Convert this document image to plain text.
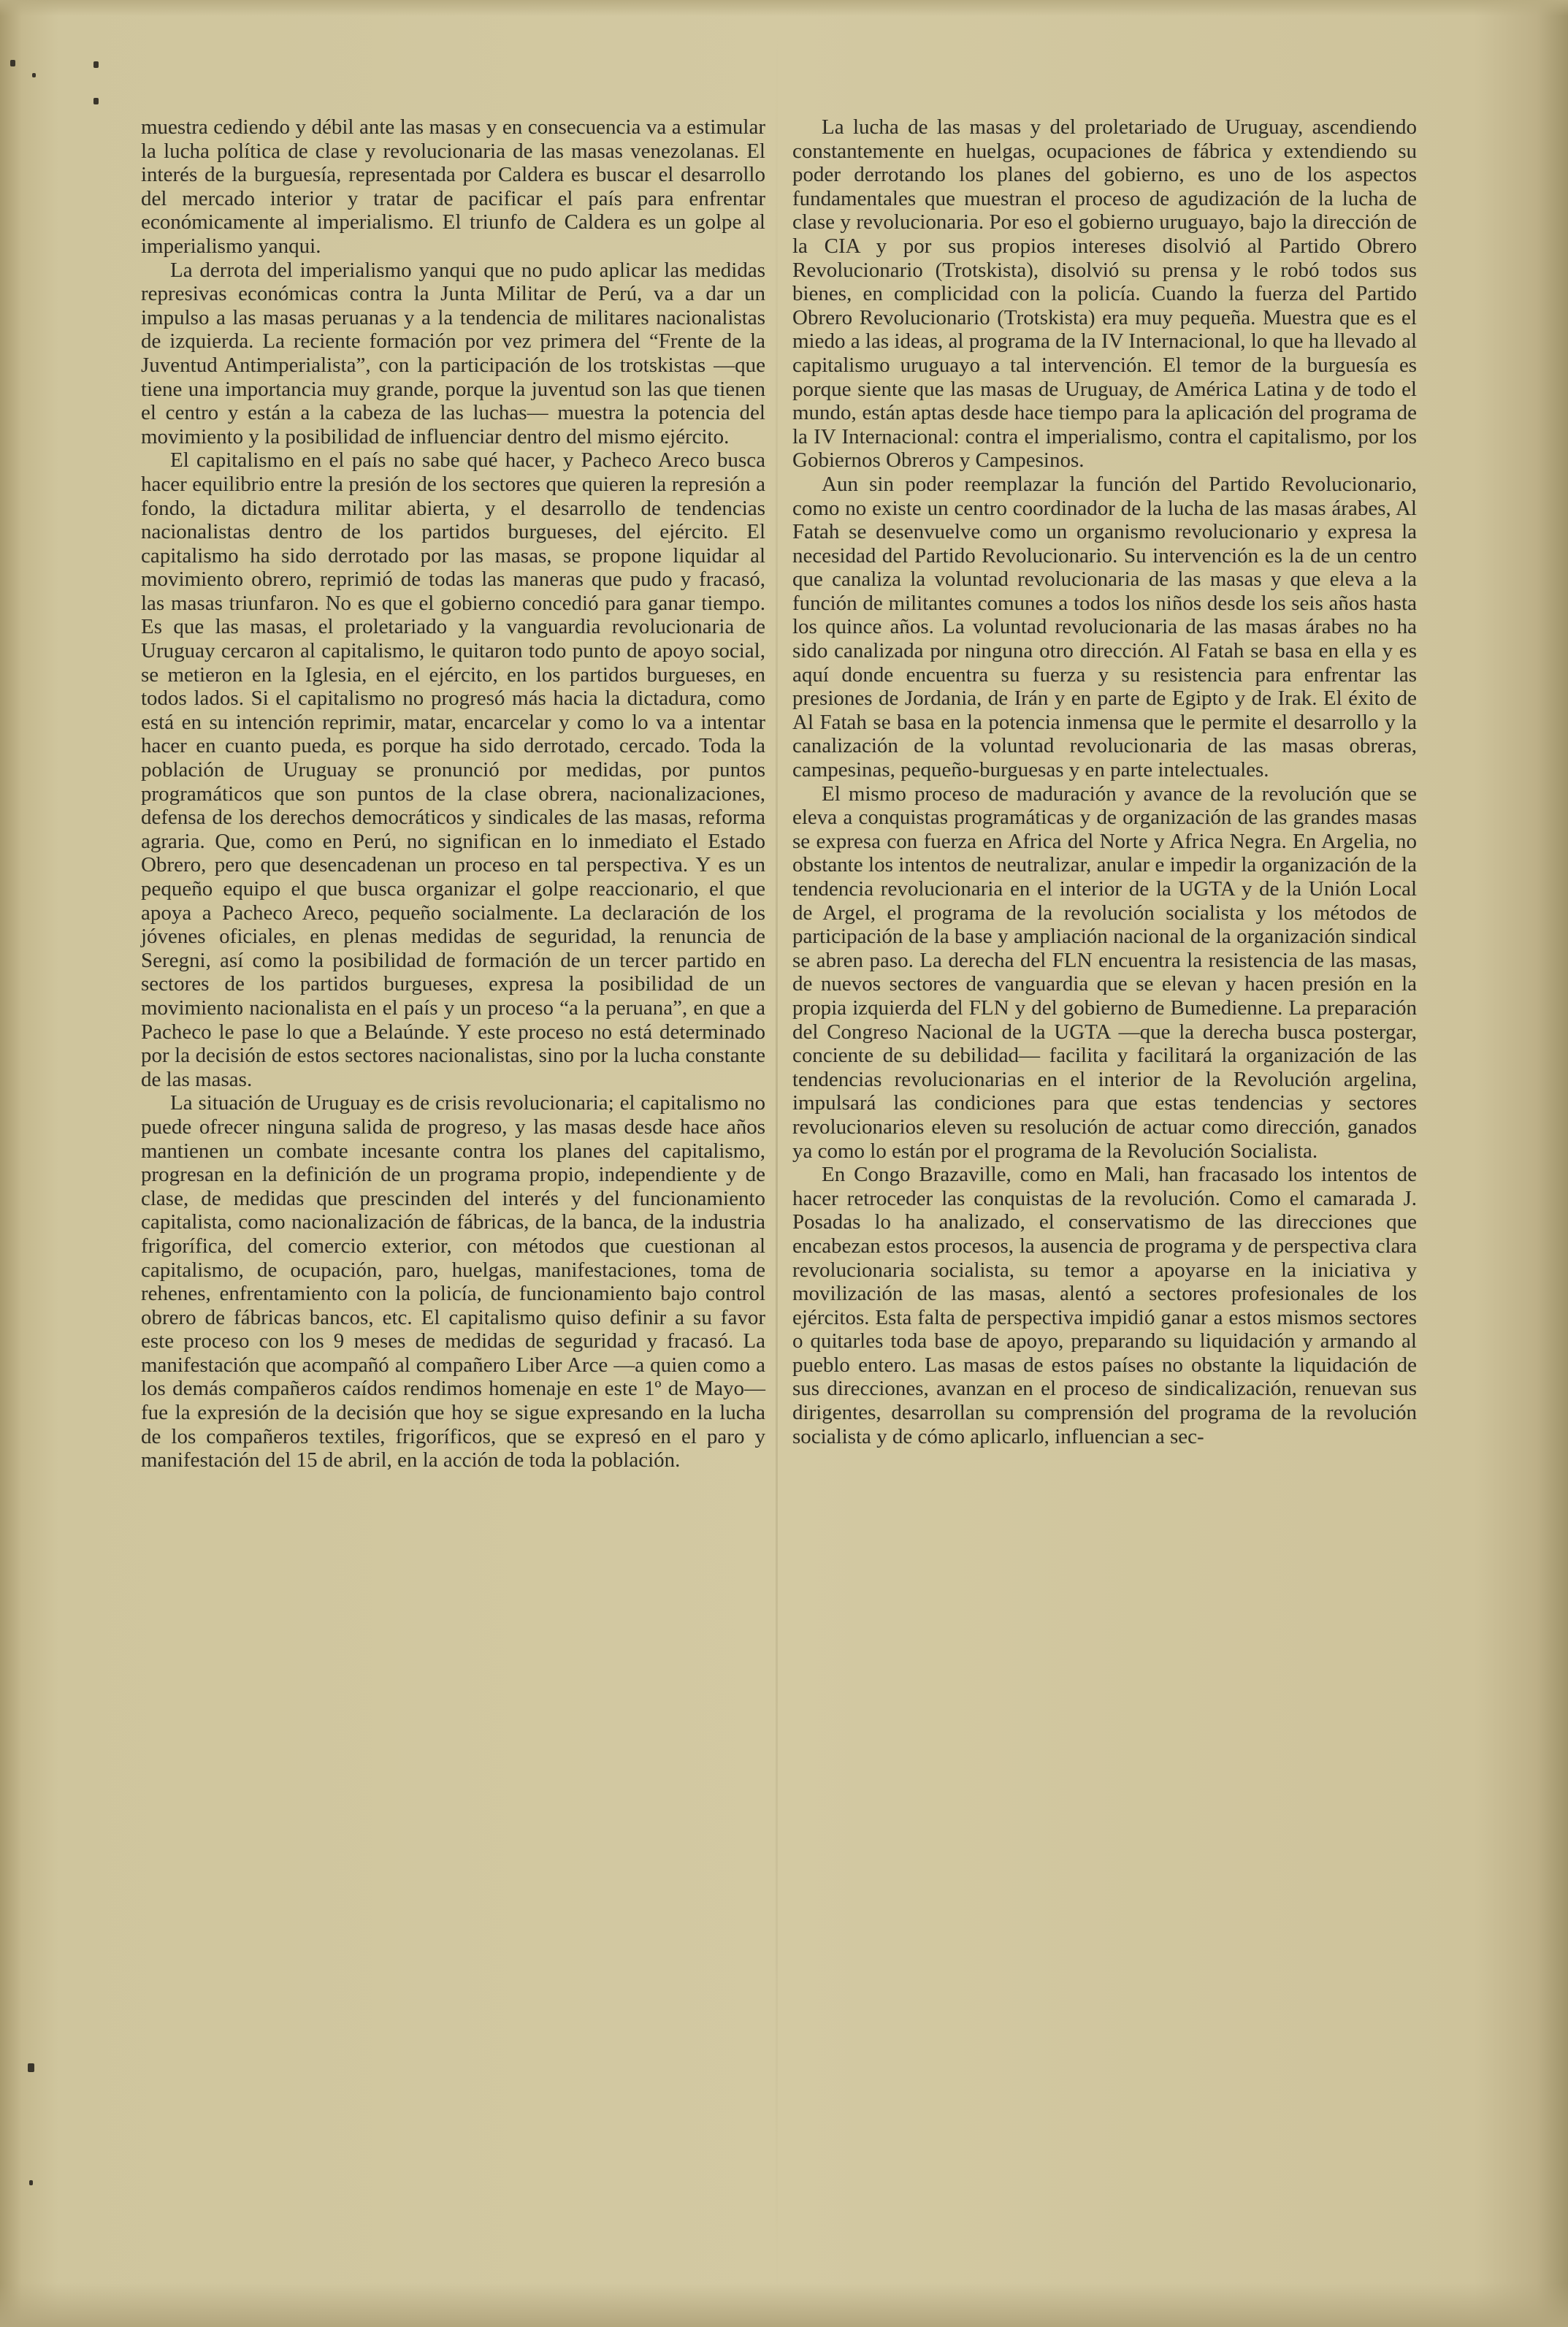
muestra cediendo y débil ante las masas y en consecuencia va a estimular la lucha política de clase y revolucionaria de las masas venezolanas. El interés de la burguesía, representada por Caldera es buscar el desarrollo del mercado interior y tratar de pacificar el país para enfrentar económicamente al imperialismo. El triunfo de Caldera es un golpe al imperialismo yanqui.

La derrota del imperialismo yanqui que no pudo aplicar las medidas represivas económicas contra la Junta Militar de Perú, va a dar un impulso a las masas peruanas y a la tendencia de militares nacionalistas de izquierda. La reciente formación por vez primera del “Frente de la Juventud Antimperialista”, con la participación de los trotskistas —que tiene una importancia muy grande, porque la juventud son las que tienen el centro y están a la cabeza de las luchas— muestra la potencia del movimiento y la posibilidad de influenciar dentro del mismo ejército.

El capitalismo en el país no sabe qué hacer, y Pacheco Areco busca hacer equilibrio entre la presión de los sectores que quieren la represión a fondo, la dictadura militar abierta, y el desarrollo de tendencias nacionalistas dentro de los partidos burgueses, del ejército. El capitalismo ha sido derrotado por las masas, se propone liquidar al movimiento obrero, reprimió de todas las maneras que pudo y fracasó, las masas triunfaron. No es que el gobierno concedió para ganar tiempo. Es que las masas, el proletariado y la vanguardia revolucionaria de Uruguay cercaron al capitalismo, le quitaron todo punto de apoyo social, se metieron en la Iglesia, en el ejército, en los partidos burgueses, en todos lados. Si el capitalismo no progresó más hacia la dictadura, como está en su intención reprimir, matar, encarcelar y como lo va a intentar hacer en cuanto pueda, es porque ha sido derrotado, cercado. Toda la población de Uruguay se pronunció por medidas, por puntos programáticos que son puntos de la clase obrera, nacionalizaciones, defensa de los derechos democráticos y sindicales de las masas, reforma agraria. Que, como en Perú, no significan en lo inmediato el Estado Obrero, pero que desencadenan un proceso en tal perspectiva. Y es un pequeño equipo el que busca organizar el golpe reaccionario, el que apoya a Pacheco Areco, pequeño socialmente. La declaración de los jóvenes oficiales, en plenas medidas de seguridad, la renuncia de Seregni, así como la posibilidad de formación de un tercer partido en sectores de los partidos burgueses, expresa la posibilidad de un movimiento nacionalista en el país y un proceso “a la peruana”, en que a Pacheco le pase lo que a Belaúnde. Y este proceso no está determinado por la decisión de estos sectores nacionalistas, sino por la lucha constante de las masas.

La situación de Uruguay es de crisis revolucionaria; el capitalismo no puede ofrecer ninguna salida de progreso, y las masas desde hace años mantienen un combate incesante contra los planes del capitalismo, progresan en la definición de un programa propio, independiente y de clase, de medidas que prescinden del interés y del funcionamiento capitalista, como nacionalización de fábricas, de la banca, de la industria frigorífica, del comercio exterior, con métodos que cuestionan al capitalismo, de ocupación, paro, huelgas, manifestaciones, toma de rehenes, enfrentamiento con la policía, de funcionamiento bajo control obrero de fábricas bancos, etc. El capitalismo quiso definir a su favor este proceso con los 9 meses de medidas de seguridad y fracasó. La manifestación que acompañó al compañero Liber Arce —a quien como a los demás compañeros caídos rendimos homenaje en este 1º de Mayo— fue la expresión de la decisión que hoy se sigue expresando en la lucha de los compañeros textiles, frigoríficos, que se expresó en el paro y manifestación del 15 de abril, en la acción de toda la población.

La lucha de las masas y del proletariado de Uruguay, ascendiendo constantemente en huelgas, ocupaciones de fábrica y extendiendo su poder derrotando los planes del gobierno, es uno de los aspectos fundamentales que muestran el proceso de agudización de la lucha de clase y revolucionaria. Por eso el gobierno uruguayo, bajo la dirección de la CIA y por sus propios intereses disolvió al Partido Obrero Revolucionario (Trotskista), disolvió su prensa y le robó todos sus bienes, en complicidad con la policía. Cuando la fuerza del Partido Obrero Revolucionario (Trotskista) era muy pequeña. Muestra que es el miedo a las ideas, al programa de la IV Internacional, lo que ha llevado al capitalismo uruguayo a tal intervención. El temor de la burguesía es porque siente que las masas de Uruguay, de América Latina y de todo el mundo, están aptas desde hace tiempo para la aplicación del programa de la IV Internacional: contra el imperialismo, contra el capitalismo, por los Gobiernos Obreros y Campesinos.

Aun sin poder reemplazar la función del Partido Revolucionario, como no existe un centro coordinador de la lucha de las masas árabes, Al Fatah se desenvuelve como un organismo revolucionario y expresa la necesidad del Partido Revolucionario. Su intervención es la de un centro que canaliza la voluntad revolucionaria de las masas y que eleva a la función de militantes comunes a todos los niños desde los seis años hasta los quince años. La voluntad revolucionaria de las masas árabes no ha sido canalizada por ninguna otro dirección. Al Fatah se basa en ella y es aquí donde encuentra su fuerza y su resistencia para enfrentar las presiones de Jordania, de Irán y en parte de Egipto y de Irak. El éxito de Al Fatah se basa en la potencia inmensa que le permite el desarrollo y la canalización de la voluntad revolucionaria de las masas obreras, campesinas, pequeño-burguesas y en parte intelectuales.

El mismo proceso de maduración y avance de la revolución que se eleva a conquistas programáticas y de organización de las grandes masas se expresa con fuerza en Africa del Norte y Africa Negra. En Argelia, no obstante los intentos de neutralizar, anular e impedir la organización de la tendencia revolucionaria en el interior de la UGTA y de la Unión Local de Argel, el programa de la revolución socialista y los métodos de participación de la base y ampliación nacional de la organización sindical se abren paso. La derecha del FLN encuentra la resistencia de las masas, de nuevos sectores de vanguardia que se elevan y hacen presión en la propia izquierda del FLN y del gobierno de Bumedienne. La preparación del Congreso Nacional de la UGTA —que la derecha busca postergar, conciente de su debilidad— facilita y facilitará la organización de las tendencias revolucionarias en el interior de la Revolución argelina, impulsará las condiciones para que estas tendencias y sectores revolucionarios eleven su resolución de actuar como dirección, ganados ya como lo están por el programa de la Revolución Socialista.

En Congo Brazaville, como en Mali, han fracasado los intentos de hacer retroceder las conquistas de la revolución. Como el camarada J. Posadas lo ha analizado, el conservatismo de las direcciones que encabezan estos procesos, la ausencia de programa y de perspectiva clara revolucionaria socialista, su temor a apoyarse en la iniciativa y movilización de las masas, alentó a sectores profesionales de los ejércitos. Esta falta de perspectiva impidió ganar a estos mismos sectores o quitarles toda base de apoyo, preparando su liquidación y armando al pueblo entero. Las masas de estos países no obstante la liquidación de sus direcciones, avanzan en el proceso de sindicalización, renuevan sus dirigentes, desarrollan su comprensión del programa de la revolución socialista y de cómo aplicarlo, influencian a sec-
